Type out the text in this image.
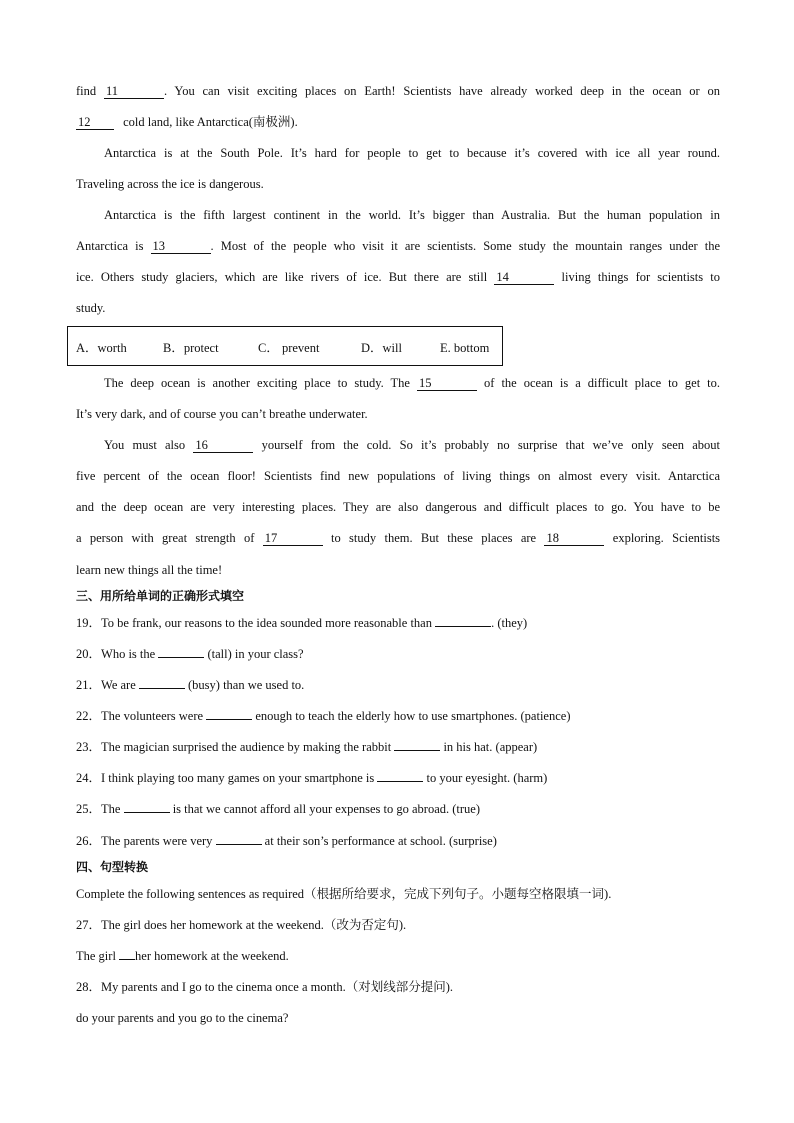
find 11	. You can visit exciting places on Earth! Scientists have already worked deep in the ocean or on
12	cold land, like Antarctica(南极洲).
Antarctica is at the South Pole. It’s hard for people to get to because it’s covered with ice all year round.
Traveling across the ice is dangerous.
Antarctica is the fifth largest continent in the world. It’s bigger than Australia. But the human population in
Antarctica is 13	. Most of the people who visit it are scientists. Some study the mountain ranges under the
ice. Others study glaciers, which are like rivers of ice. But there are still 14	living things for scientists to
study.
A．worth	B．protect	C． prevent	D．will	E. bottom
The deep ocean is another exciting place to study. The 15	of the ocean is a difficult place to get to.
It’s very dark, and of course you can’t breathe underwater.
You must also 16	yourself from the cold. So it’s probably no surprise that we’ve only seen about
five percent of the ocean floor! Scientists find new populations of living things on almost every visit. Antarctica
and the deep ocean are very interesting places. They are also dangerous and difficult places to go. You have to be
a person with great strength of 17	to study them. But these places are 18	exploring. Scientists
learn new things all the time!
三、用所给单词的正确形式填空
19．To be frank, our reasons to the idea sounded more reasonable than	. (they)
20．Who is the	(tall) in your class?
21．We are	(busy) than we used to.
22．The volunteers were	enough to teach the elderly how to use smartphones. (patience)
23．The magician surprised the audience by making the rabbit	in his hat. (appear)
24．I think playing too many games on your smartphone is	to your eyesight. (harm)
25．The	is that we cannot afford all your expenses to go abroad. (true)
26．The parents were very	at their son’s performance at school. (surprise)
四、句型转换
Complete the following sentences as required（根据所给要求，完成下列句子。小题每空格限填一词).
27．The girl does her homework at the weekend.（改为否定句).
The girl her homework at the weekend.
28．My parents and I go to the cinema once a month.（对划线部分提问).
do your parents and you go to the cinema?
